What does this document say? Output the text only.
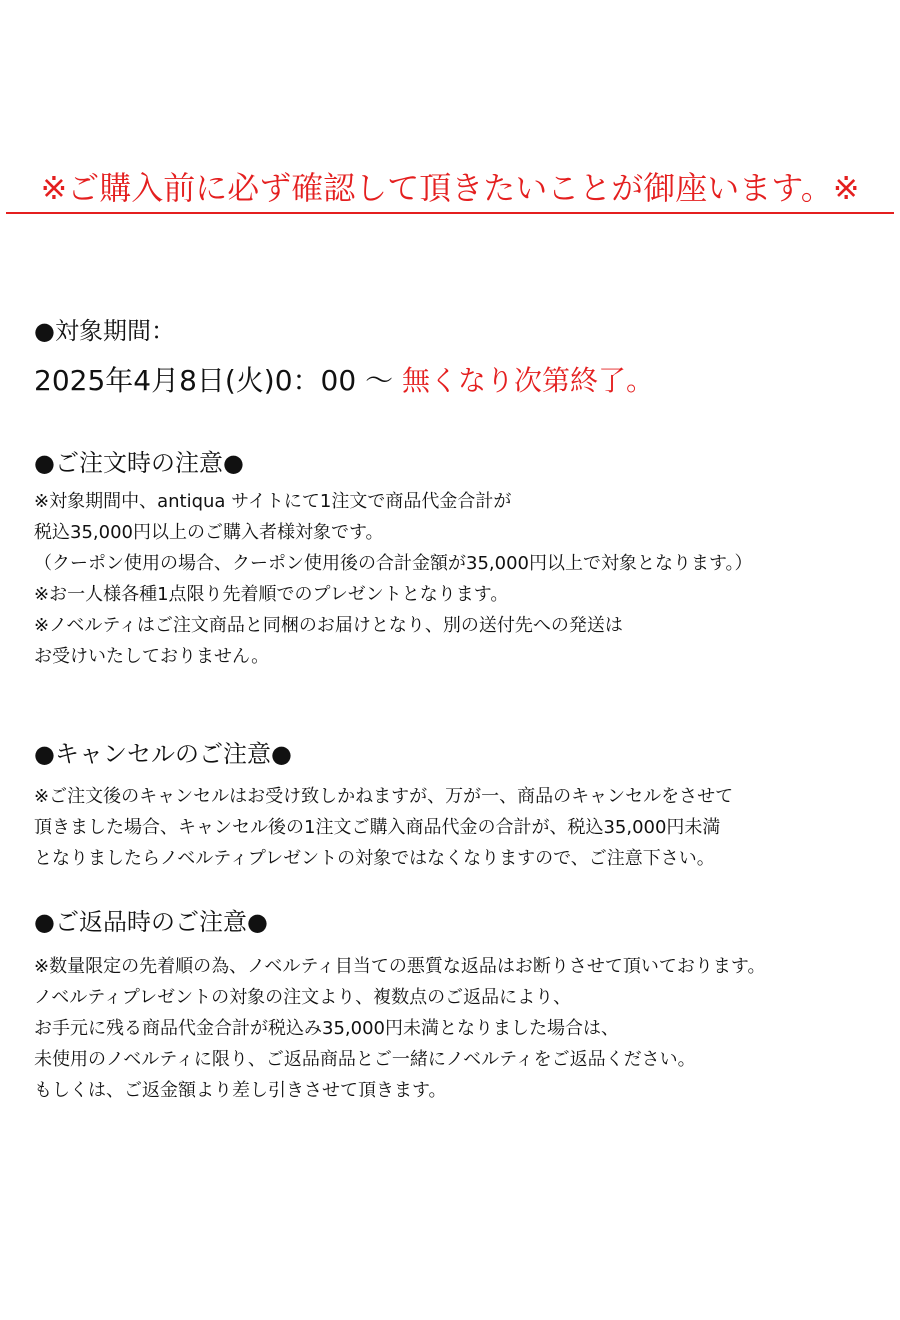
※ご購入前に必ず確認して頂きたいことが御座います。※
●対象期間：
2025年4月8日(火)0：00 ～ 無くなり次第終了。
●ご注文時の注意●
※対象期間中、antiqua サイトにて1注文で商品代金合計が
税込35,000円以上のご購入者様対象です。
（クーポン使用の場合、クーポン使用後の合計金額が35,000円以上で対象となります。）
※お一人様各種1点限り先着順でのプレゼントとなります。
※ノベルティはご注文商品と同梱のお届けとなり、別の送付先への発送は
お受けいたしておりません。
●キャンセルのご注意●
※ご注文後のキャンセルはお受け致しかねますが、万が一、商品のキャンセルをさせて
頂きました場合、キャンセル後の1注文ご購入商品代金の合計が、税込35,000円未満
となりましたらノベルティプレゼントの対象ではなくなりますので、ご注意下さい。
●ご返品時のご注意●
※数量限定の先着順の為、ノベルティ目当ての悪質な返品はお断りさせて頂いております。
ノベルティプレゼントの対象の注文より、複数点のご返品により、
お手元に残る商品代金合計が税込み35,000円未満となりました場合は、
未使用のノベルティに限り、ご返品商品とご一緒にノベルティをご返品ください。
もしくは、ご返金額より差し引きさせて頂きます。
